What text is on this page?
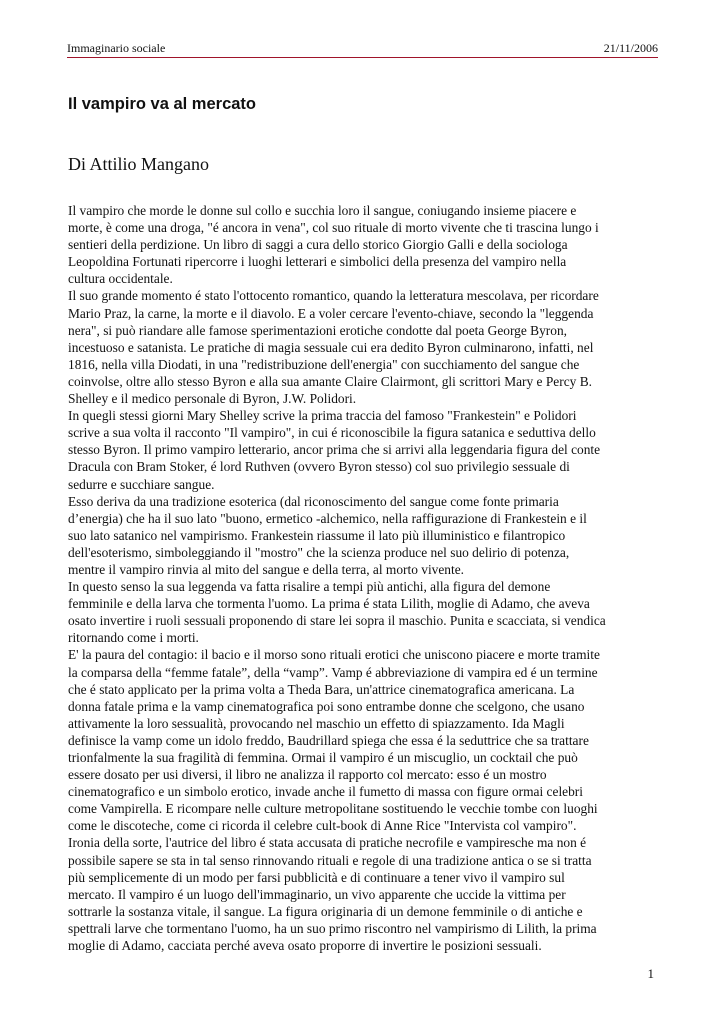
Immaginario sociale	21/11/2006
Il vampiro va al mercato
Di Attilio Mangano

Il vampiro che morde le donne sul collo e succhia loro il sangue, coniugando insieme piacere e

morte, è come una droga, "é ancora in vena", col suo rituale di morto vivente che ti trascina lungo i

sentieri della perdizione. Un libro di saggi a cura dello storico Giorgio Galli e della sociologa

Leopoldina Fortunati ripercorre i luoghi letterari e simbolici della presenza del vampiro nella

cultura occidentale.

Il suo grande momento é stato l'ottocento romantico, quando la letteratura mescolava, per ricordare

Mario Praz, la carne, la morte e il diavolo. E a voler cercare l'evento-chiave, secondo la "leggenda

nera", si può riandare alle famose sperimentazioni erotiche condotte dal poeta George Byron,

incestuoso e satanista. Le pratiche di magia sessuale cui era dedito Byron culminarono, infatti, nel

1816, nella villa Diodati, in una "redistribuzione dell'energia" con succhiamento del sangue che

coinvolse, oltre allo stesso Byron e alla sua amante Claire Clairmont, gli scrittori Mary e Percy B.

Shelley e il medico personale di Byron, J.W. Polidori.

In quegli stessi giorni Mary Shelley scrive la prima traccia del famoso "Frankestein" e Polidori

scrive a sua volta il racconto "Il vampiro", in cui é riconoscibile la figura satanica e seduttiva dello

stesso Byron. Il primo vampiro letterario, ancor prima che si arrivi alla leggendaria figura del conte

Dracula con Bram Stoker, é lord Ruthven (ovvero Byron stesso) col suo privilegio sessuale di

sedurre e succhiare sangue.

Esso deriva da una tradizione esoterica (dal riconoscimento del sangue come fonte primaria

d’energia) che ha il suo lato "buono, ermetico -alchemico, nella raffigurazione di Frankestein e il

suo lato satanico nel vampirismo. Frankestein riassume il lato più illuministico e filantropico

dell'esoterismo, simboleggiando il "mostro" che la scienza produce nel suo delirio di potenza,

mentre il vampiro rinvia al mito del sangue e della terra, al morto vivente.

In questo senso la sua leggenda va fatta risalire a tempi più antichi, alla figura del demone

femminile e della larva che tormenta l'uomo. La prima é stata Lilith, moglie di Adamo, che aveva

osato invertire i ruoli sessuali proponendo di stare lei sopra il maschio. Punita e scacciata, si vendica

ritornando come i morti.

E' la paura del contagio: il bacio e il morso sono rituali erotici che uniscono piacere e morte tramite

la comparsa della “femme fatale”, della “vamp”. Vamp é abbreviazione di vampira ed é un termine

che é stato applicato per la prima volta a Theda Bara, un'attrice cinematografica americana. La

donna fatale prima e la vamp cinematografica poi sono entrambe donne che scelgono, che usano

attivamente la loro sessualità, provocando nel maschio un effetto di spiazzamento. Ida Magli

definisce la vamp come un idolo freddo, Baudrillard spiega che essa é la seduttrice che sa trattare

trionfalmente la sua fragilità di femmina. Ormai il vampiro é un miscuglio, un cocktail che può

essere dosato per usi diversi, il libro ne analizza il rapporto col mercato: esso é un mostro

cinematografico e un simbolo erotico, invade anche il fumetto di massa con figure ormai celebri

come Vampirella. E ricompare nelle culture metropolitane sostituendo le vecchie tombe con luoghi

come le discoteche, come ci ricorda il celebre cult-book di Anne Rice "Intervista col vampiro".

Ironia della sorte, l'autrice del libro é stata accusata di pratiche necrofile e vampiresche ma non é

possibile sapere se sta in tal senso rinnovando rituali e regole di una tradizione antica o se si tratta

più semplicemente di un modo per farsi pubblicità e di continuare a tener vivo il vampiro sul

mercato. Il vampiro é un luogo dell'immaginario, un vivo apparente che uccide la vittima per

sottrarle la sostanza vitale, il sangue. La figura originaria di un demone femminile o di antiche e

spettrali larve che tormentano l'uomo, ha un suo primo riscontro nel vampirismo di Lilith, la prima

moglie di Adamo, cacciata perché aveva osato proporre di invertire le posizioni sessuali.

1
